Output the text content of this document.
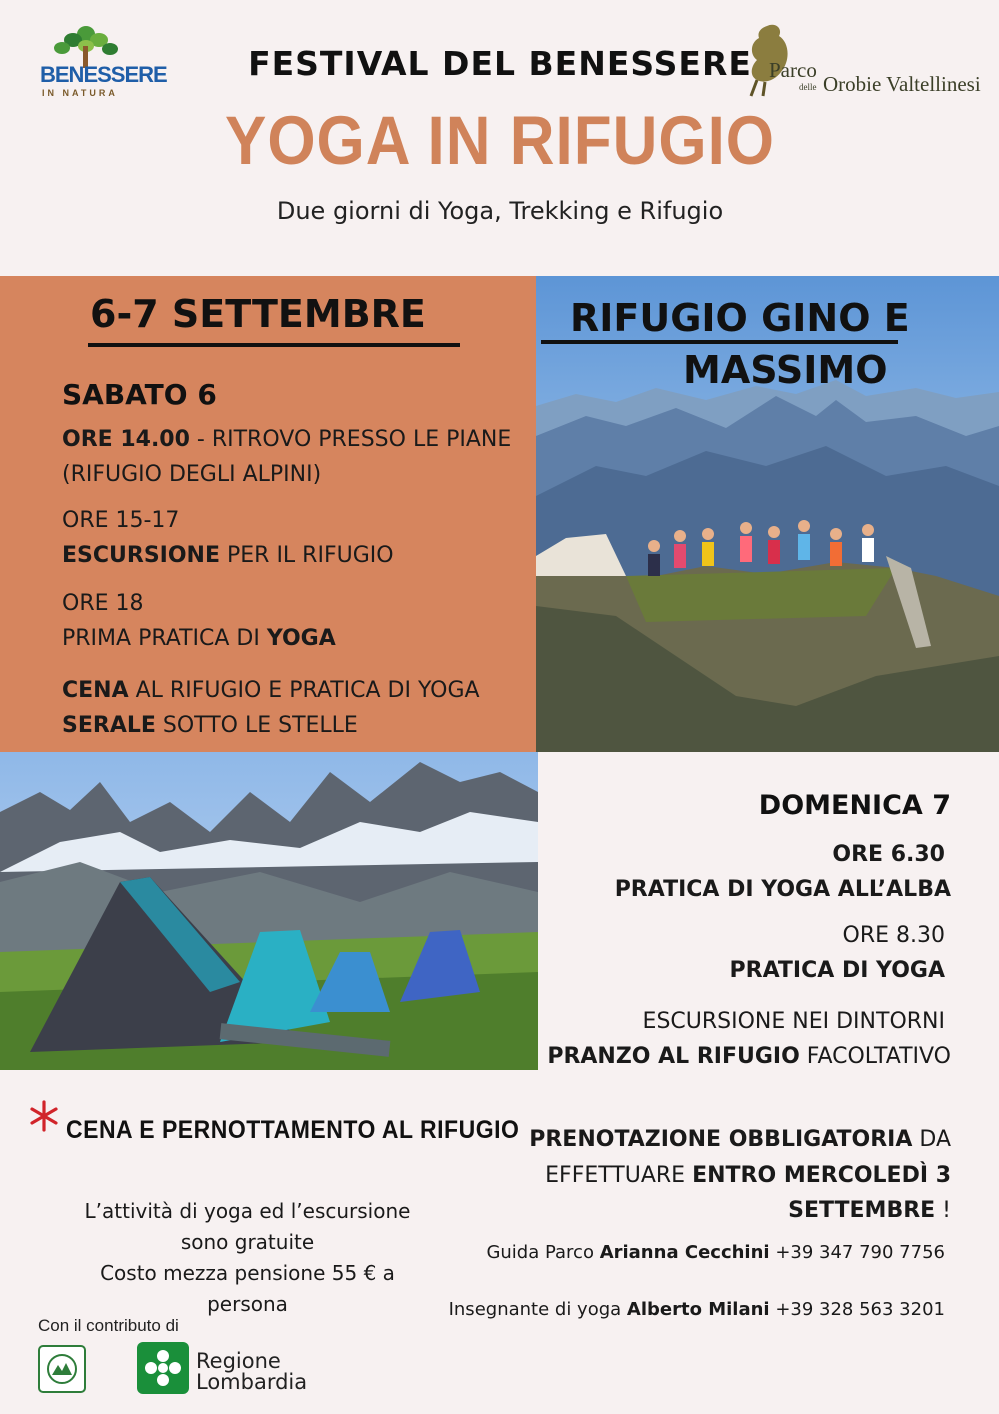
BENESSERE
IN NATURA
FESTIVAL DEL BENESSERE
YOGA IN RIFUGIO
Due giorni di Yoga, Trekking e Rifugio
Parco
delle Orobie Valtellinesi
6-7 SETTEMBRE
SABATO 6
ORE 14.00 - RITROVO PRESSO LE PIANE
(RIFUGIO DEGLI ALPINI)
ORE 15-17
ESCURSIONE PER IL RIFUGIO
ORE 18
PRIMA PRATICA DI YOGA
CENA AL RIFUGIO E PRATICA DI YOGA
SERALE SOTTO LE STELLE
RIFUGIO GINO E
MASSIMO
DOMENICA 7
ORE 6.30
PRATICA DI YOGA ALL’ALBA
ORE 8.30
PRATICA DI YOGA
ESCURSIONE NEI DINTORNI
PRANZO AL RIFUGIO FACOLTATIVO
CENA E PERNOTTAMENTO AL RIFUGIO
L’attività di yoga ed l’escursione
sono gratuite
Costo mezza pensione 55 € a
persona
Con il contributo di
Regione
Lombardia
PRENOTAZIONE OBBLIGATORIA DA
EFFETTUARE ENTRO MERCOLEDÌ 3
SETTEMBRE !
Guida Parco Arianna Cecchini +39 347 790 7756
Insegnante di yoga Alberto Milani +39 328 563 3201
